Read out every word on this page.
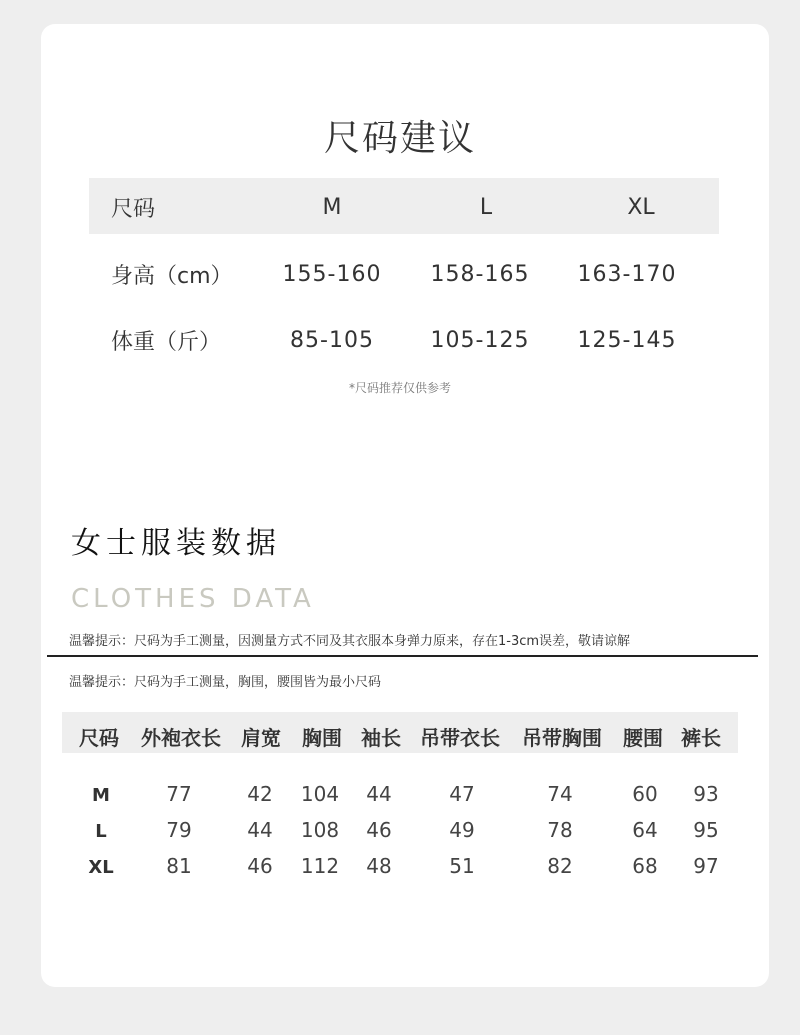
尺码建议
尺码	M	L	XL
身高（cm） 155-160 158-165 163-170
体重（斤）	85-105	105-125 125-145
*尺码推荐仅供参考
女士服装数据
CLOTHES DATA
温馨提示：尺码为手工测量，因测量方式不同及其衣服本身弹力原来，存在1-3cm误差，敬请谅解
温馨提示：尺码为手工测量，胸围，腰围皆为最小尺码
尺码 外袍衣长 肩宽 胸围 袖长 吊带衣长 吊带胸围 腰围 裤长
M	77	42 104 44	47	74	60 93
L	79	44 108 46	49	78	64 95
XL	81	46 112 48	51	82	68 97
